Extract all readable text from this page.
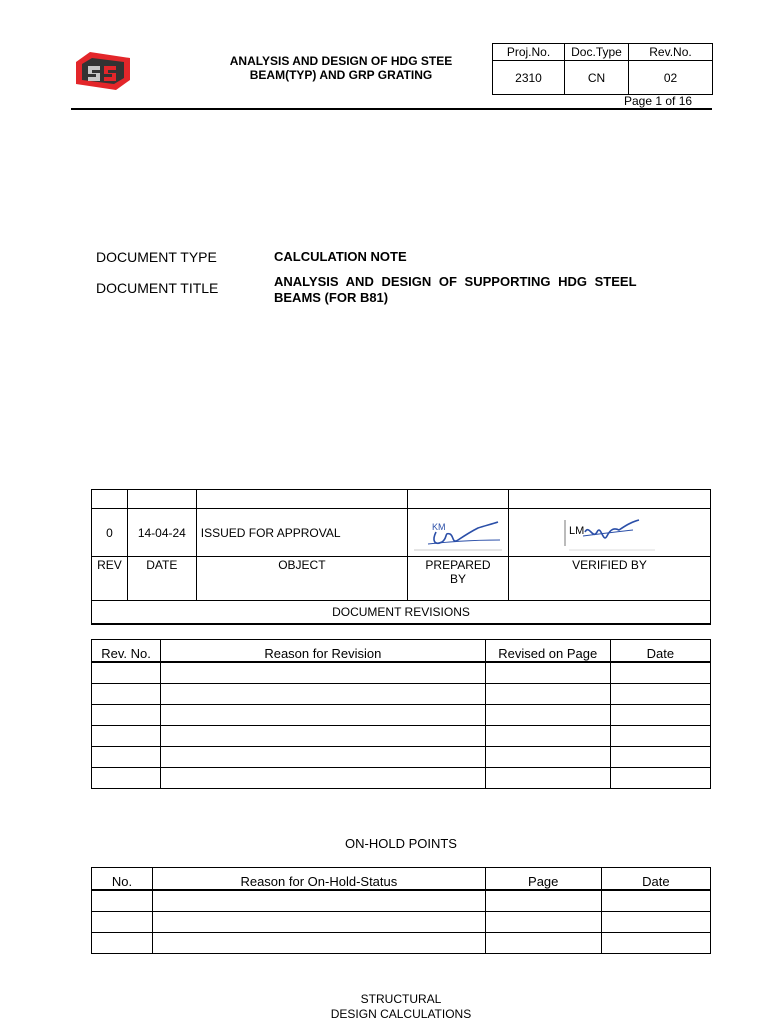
ANALYSIS AND DESIGN OF HDG STEE
BEAM(TYP) AND GRP GRATING
Proj.No.	Doc.Type	Rev.No.
2310	CN	02
Page 1 of 16
DOCUMENT TYPE	CALCULATION NOTE
DOCUMENT TITLE	ANALYSIS AND DESIGN OF SUPPORTING HDG STEEL
BEAMS (FOR B81)

0	14-04-24	ISSUED FOR APPROVAL	KM	LM

REV	DATE	OBJECT	PREPARED BY	VERIFIED BY
DOCUMENT REVISIONS				
Rev. No.	Reason for Revision	Revised on Page	Date

ON-HOLD POINTS
No.	Reason for On-Hold-Status	Page	Date

STRUCTURAL
DESIGN CALCULATIONS
